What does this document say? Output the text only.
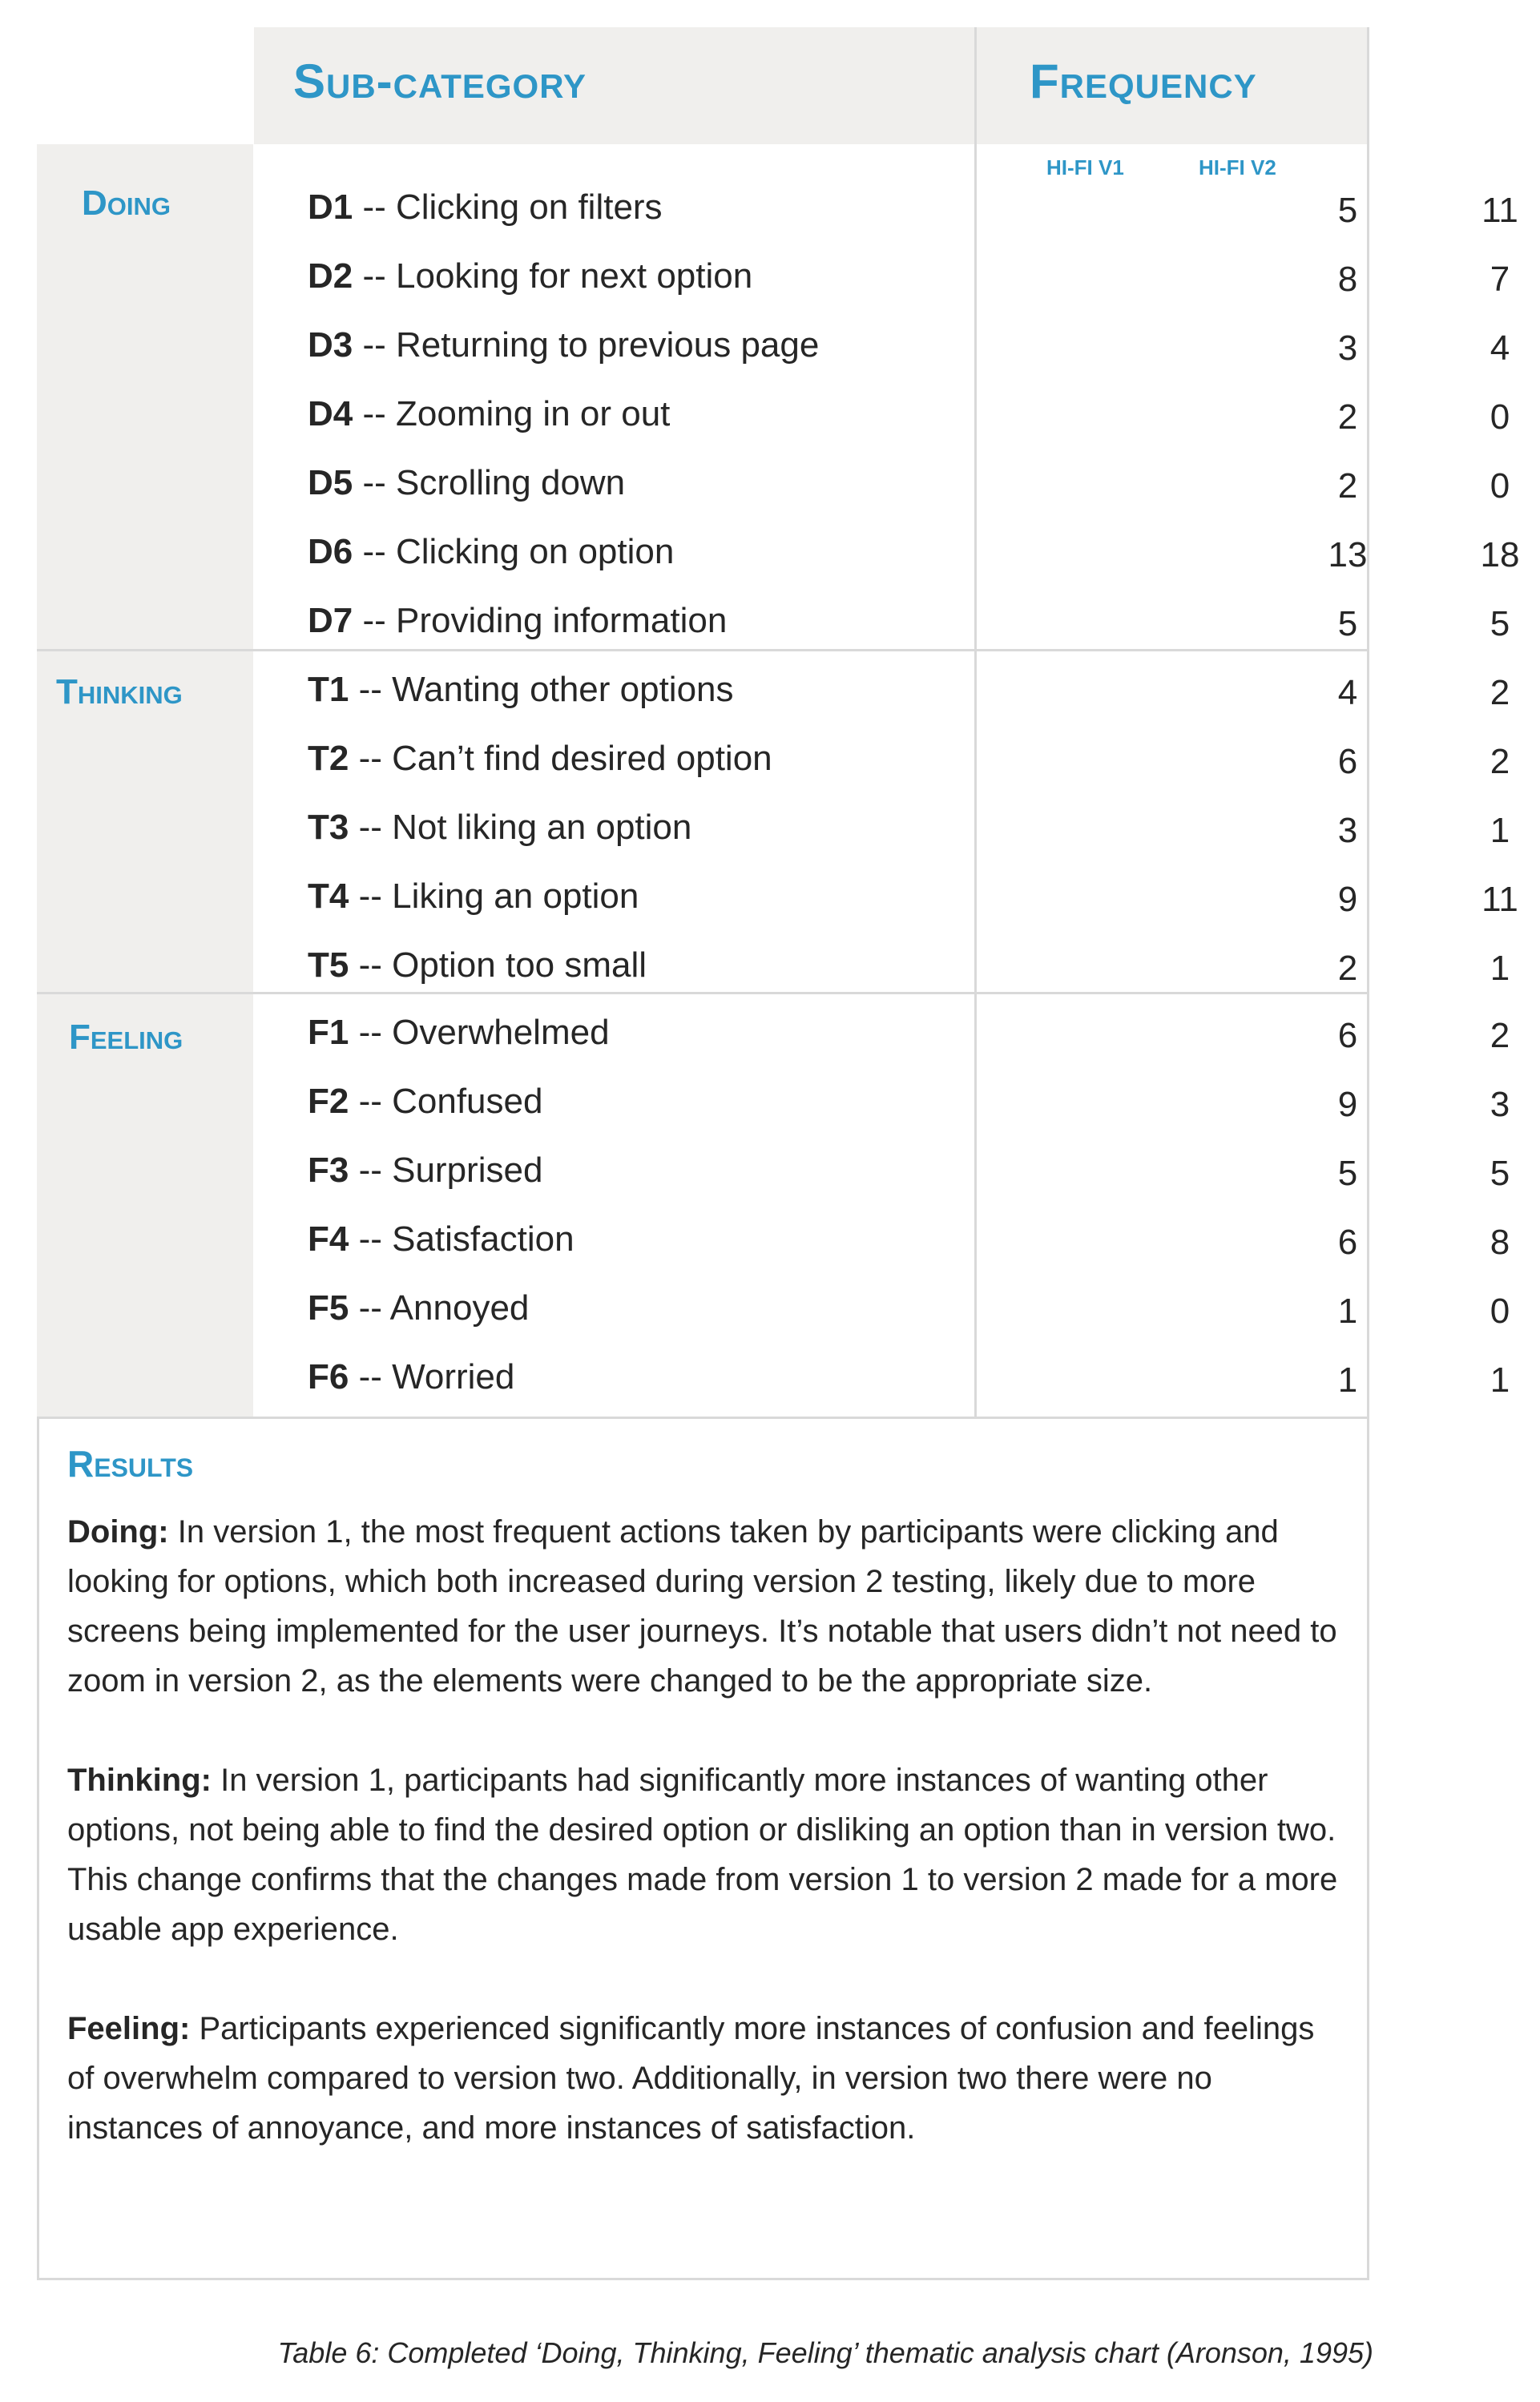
Sub-category	Frequency
HI-FI V1	HI-FI V2
Doing
Thinking
Feeling
D1 -- Clicking on filters	5	11
D2 -- Looking for next option	8	7
D3 -- Returning to previous page	3	4
D4 -- Zooming in or out	2	0
D5 -- Scrolling down	2	0
D6 -- Clicking on option	13	18
D7 -- Providing information	5	5
T1 -- Wanting other options	4	2
T2 -- Can’t find desired option	6	2
T3 -- Not liking an option	3	1
T4 -- Liking an option	9	11
T5 -- Option too small	2	1
F1 -- Overwhelmed	6	2
F2 -- Confused	9	3
F3 -- Surprised	5	5
F4 -- Satisfaction	6	8
F5 -- Annoyed	1	0
F6 -- Worried	1	1
Results

Doing: In version 1, the most frequent actions taken by participants were clicking and looking for options, which both increased during version 2 testing, likely due to more screens being implemented for the user journeys. It’s notable that users didn’t not need to zoom in version 2, as the elements were changed to be the appropriate size.

Thinking: In version 1, participants had significantly more instances of wanting other options, not being able to find the desired option or disliking an option than in version two. This change confirms that the changes made from version 1 to version 2 made for a more usable app experience.

Feeling: Participants experienced significantly more instances of confusion and feelings of overwhelm compared to version two. Additionally, in version two there were no instances of annoyance, and more instances of satisfaction.

Table 6: Completed ‘Doing, Thinking, Feeling’ thematic analysis chart (Aronson, 1995)
